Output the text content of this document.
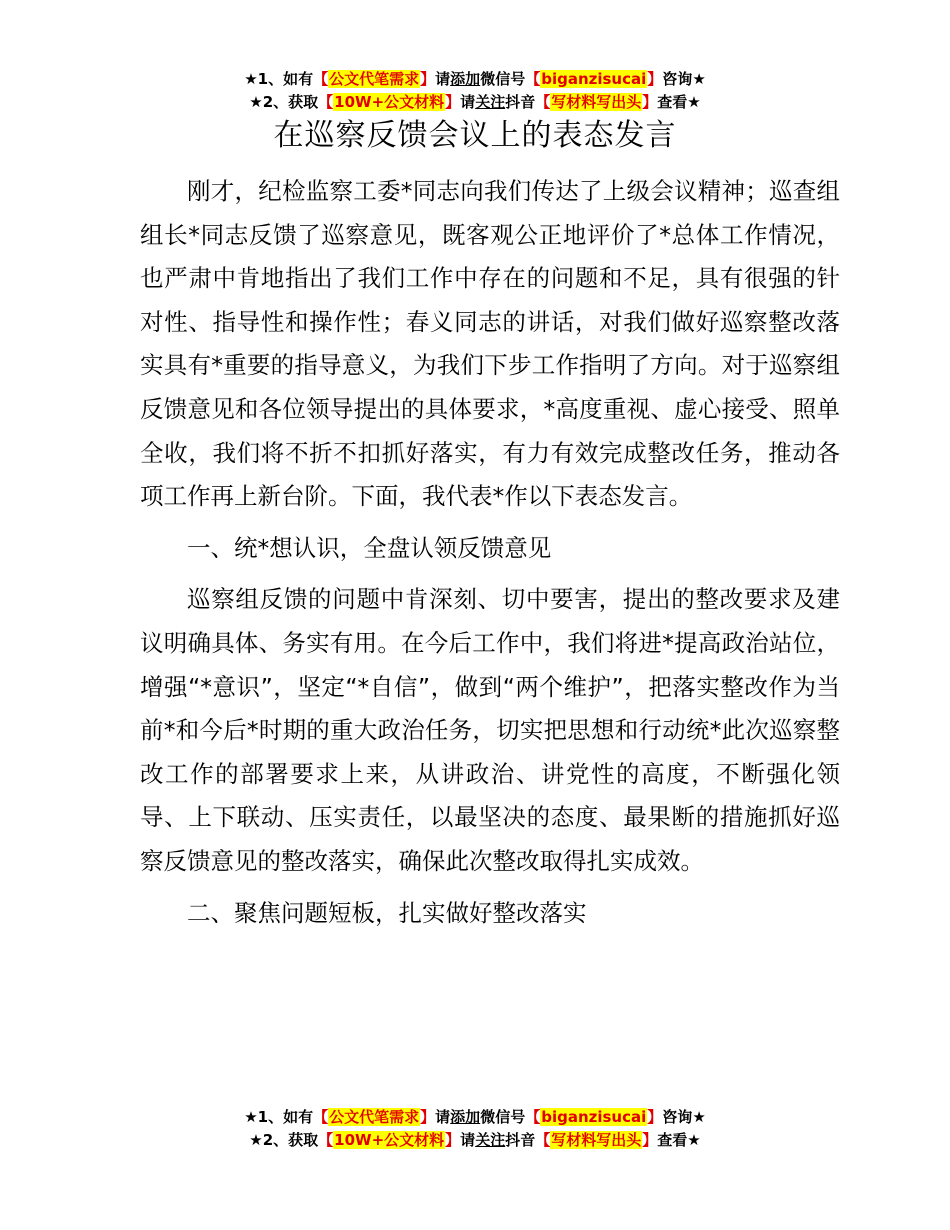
★1、如有【公文代笔需求】请添加微信号【biganzisucai】咨询★
★2、获取【10W+公文材料】请关注抖音【写材料写出头】查看★
在巡察反馈会议上的表态发言

刚才，纪检监察工委*同志向我们传达了上级会议精神；巡查组组长*同志反馈了巡察意见，既客观公正地评价了*总体工作情况，也严肃中肯地指出了我们工作中存在的问题和不足，具有很强的针对性、指导性和操作性；春义同志的讲话，对我们做好巡察整改落实具有*重要的指导意义，为我们下步工作指明了方向。对于巡察组反馈意见和各位领导提出的具体要求，*高度重视、虚心接受、照单全收，我们将不折不扣抓好落实，有力有效完成整改任务，推动各项工作再上新台阶。下面，我代表*作以下表态发言。

一、统*想认识，全盘认领反馈意见

巡察组反馈的问题中肯深刻、切中要害，提出的整改要求及建议明确具体、务实有用。在今后工作中，我们将进*提高政治站位，增强“*意识”，坚定“*自信”，做到“两个维护”，把落实整改作为当前*和今后*时期的重大政治任务，切实把思想和行动统*此次巡察整改工作的部署要求上来，从讲政治、讲党性的高度，不断强化领导、上下联动、压实责任，以最坚决的态度、最果断的措施抓好巡察反馈意见的整改落实，确保此次整改取得扎实成效。

二、聚焦问题短板，扎实做好整改落实

★1、如有【公文代笔需求】请添加微信号【biganzisucai】咨询★
★2、获取【10W+公文材料】请关注抖音【写材料写出头】查看★
